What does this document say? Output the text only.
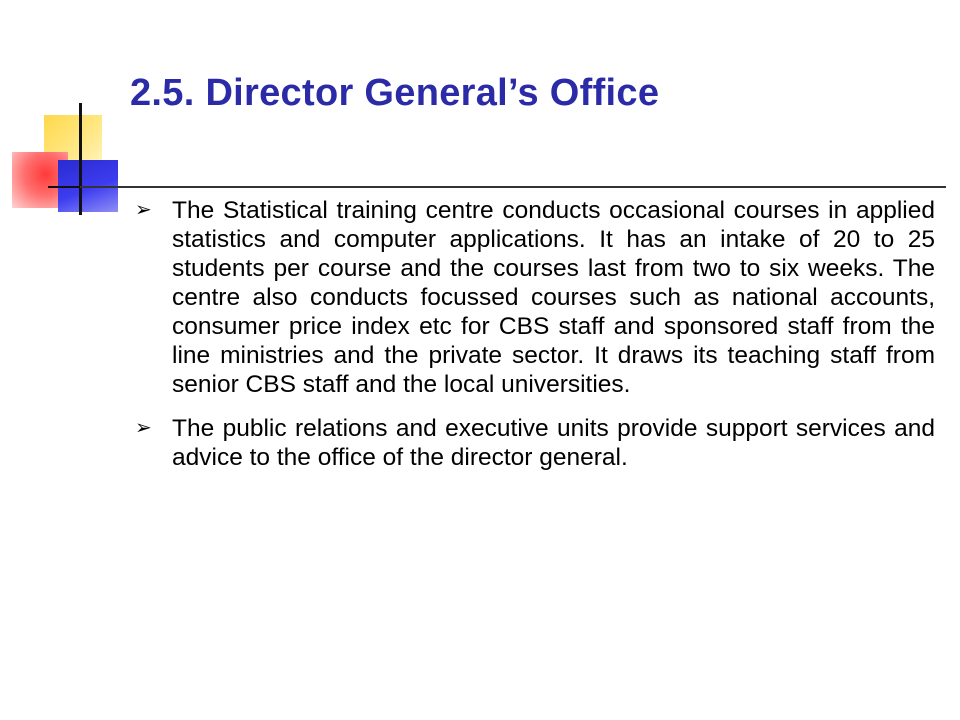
2.5. Director General’s Office
➢ The Statistical training centre conducts occasional courses in applied statistics and computer applications. It has an intake of 20 to 25 students per course and the courses last from two to six weeks. The centre also conducts focussed courses such as national accounts, consumer price index etc for CBS staff and sponsored staff from the line ministries and the private sector. It draws its teaching staff from senior CBS staff and the local universities.
➢ The public relations and executive units provide support services and advice to the office of the director general.
